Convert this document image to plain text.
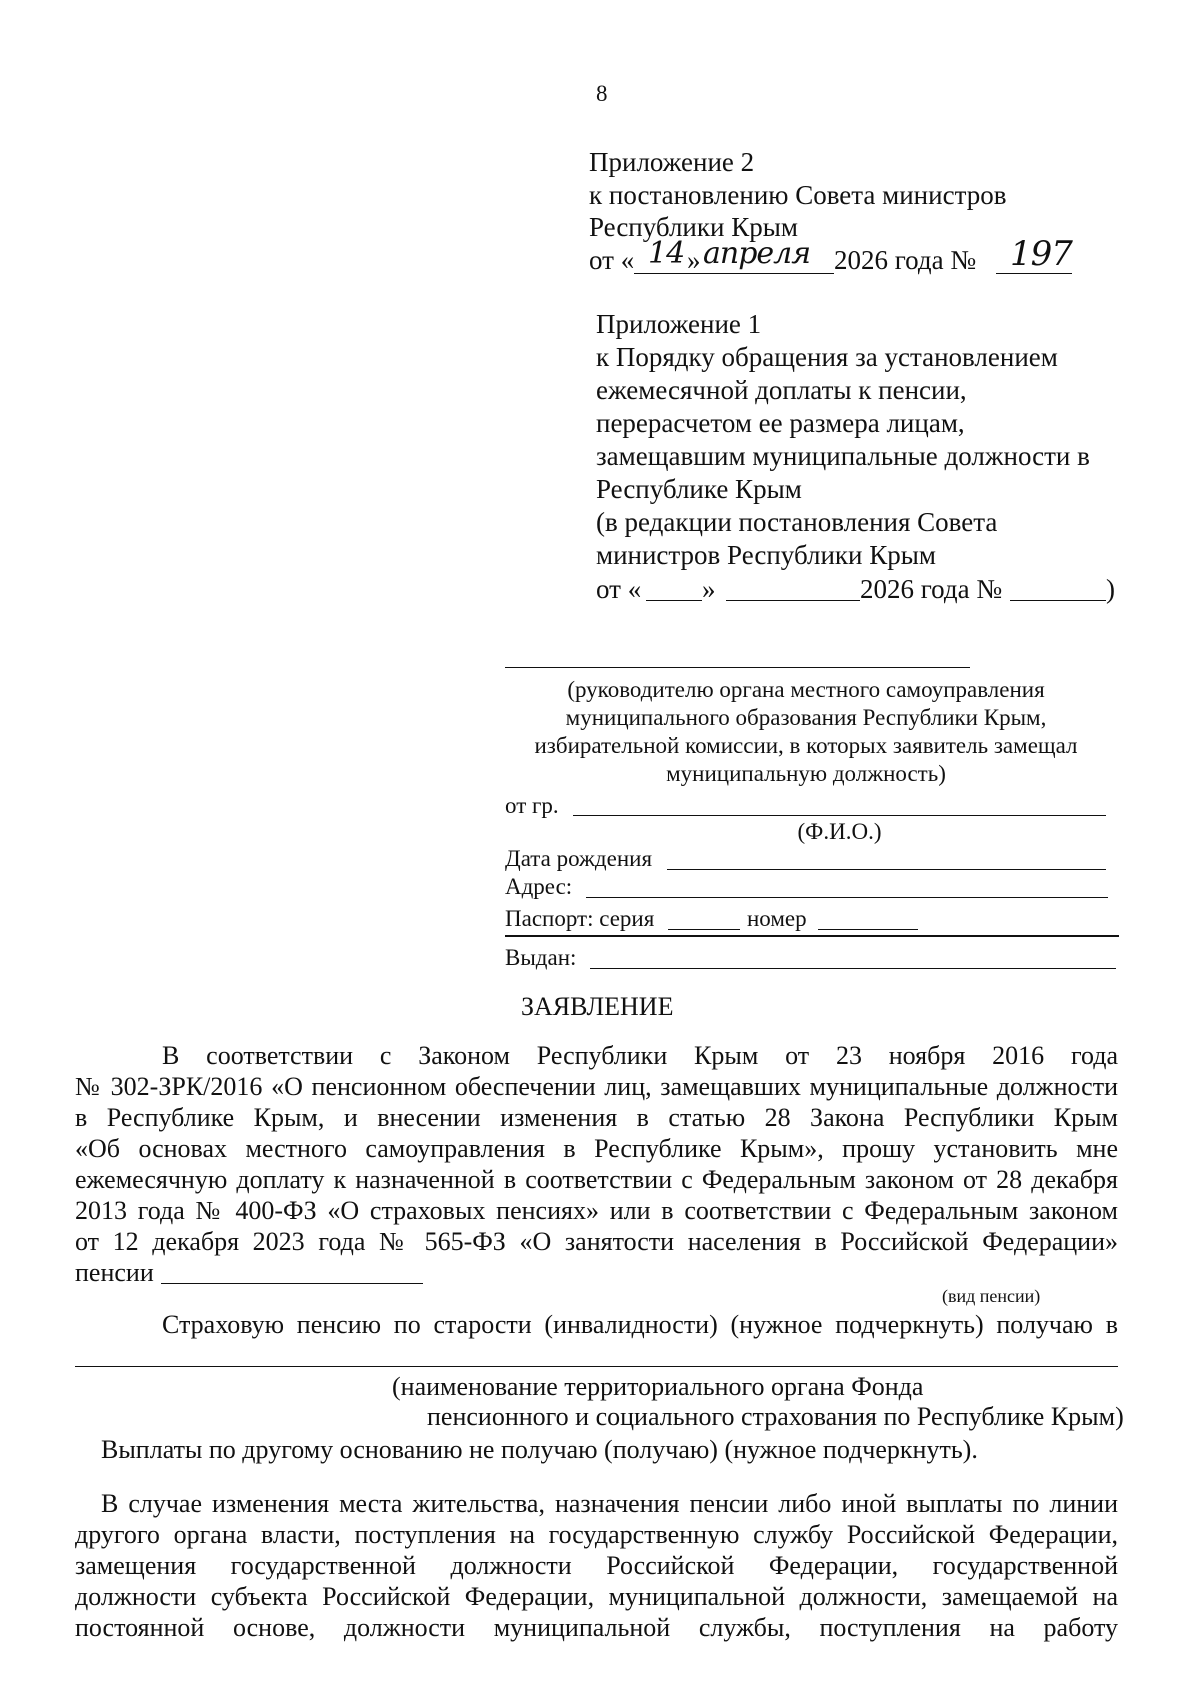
8
Приложение 2
к постановлению Совета министров
Республики Крым
от « 14 » апреля 2026 года № 197
Приложение 1
к Порядку обращения за установлением
ежемесячной доплаты к пенсии,
перерасчетом ее размера лицам,
замещавшим муниципальные должности в
Республике Крым
(в редакции постановления Совета
министров Республики Крым
от « »	2026 года №	)
(руководителю органа местного самоуправления
муниципального образования Республики Крым,
избирательной комиссии, в которых заявитель замещал
муниципальную должность)
от гр.
(Ф.И.О.)
Дата рождения
Адрес:
Паспорт: серия	номер
Выдан:
ЗАЯВЛЕНИЕ
В соответствии с Законом Республики Крым от 23 ноября 2016 года
№ 302-ЗРК/2016 «О пенсионном обеспечении лиц, замещавших муниципальные должности
в Республике Крым, и внесении изменения в статью 28 Закона Республики Крым
«Об основах местного самоуправления в Республике Крым», прошу установить мне
ежемесячную доплату к назначенной в соответствии с Федеральным законом от 28 декабря
2013 года № 400-ФЗ «О страховых пенсиях» или в соответствии с Федеральным законом
от 12 декабря 2023 года № 565-ФЗ «О занятости населения в Российской Федерации»
пенсии
(вид пенсии)
Страховую пенсию по старости (инвалидности) (нужное подчеркнуть) получаю в
(наименование территориального органа Фонда
пенсионного и социального страхования по Республике Крым)
Выплаты по другому основанию не получаю (получаю) (нужное подчеркнуть).
В случае изменения места жительства, назначения пенсии либо иной выплаты по линии
другого органа власти, поступления на государственную службу Российской Федерации,
замещения государственной должности Российской Федерации, государственной
должности субъекта Российской Федерации, муниципальной должности, замещаемой на
постоянной основе, должности муниципальной службы, поступления на работу
